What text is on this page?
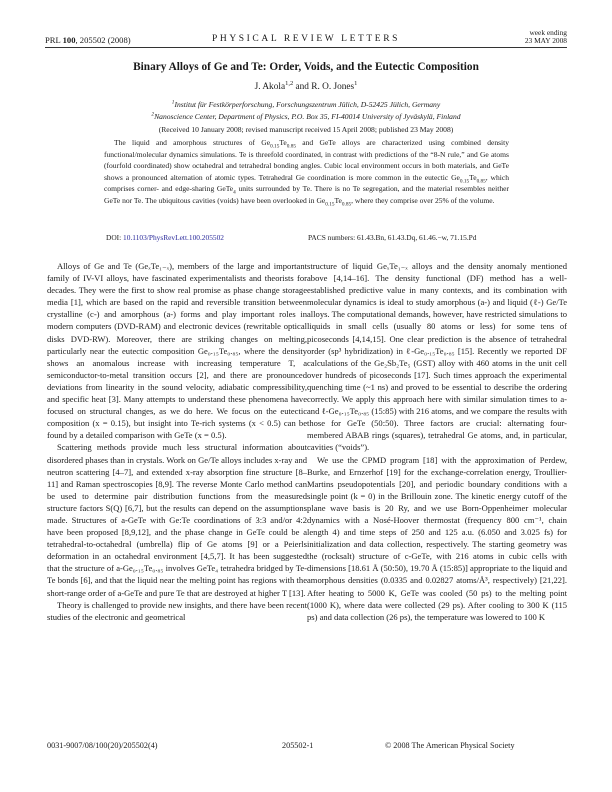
PRL 100, 205502 (2008)	PHYSICAL REVIEW LETTERS
week ending
23 MAY 2008
Binary Alloys of Ge and Te: Order, Voids, and the Eutectic Composition
J. Akola$^{1,2}$ and R. O. Jones$^1$
$^1$Institut für Festkörperforschung, Forschungszentrum Jülich, D-52425 Jülich, Germany
$^2$Nanoscience Center, Department of Physics, P.O. Box 35, FI-40014 University of Jyväskylä, Finland
(Received 10 January 2008; revised manuscript received 15 April 2008; published 23 May 2008)
The liquid and amorphous structures of $Ge_{0.15}Te_{0.85}$ and GeTe alloys are characterized using combined density functional/molecular dynamics simulations. Te is threefold coordinated, in contrast with predictions of the “8-N rule,” and Ge atoms (fourfold coordinated) show octahedral and tetrahedral bonding angles. Cubic local environment occurs in both materials, and GeTe shows a pronounced alternation of atomic types. Tetrahedral Ge coordination is more common in the eutectic $Ge_{0.15}Te_{0.85}$, which comprises corner- and edge-sharing GeTe$_4$ units surrounded by Te. There is no Te segregation, and the material resembles neither GeTe nor Te. The ubiquitous cavities (voids) have been overlooked in $Ge_{0.15}Te_{0.85}$, where they comprise over 25% of the volume.
DOI: 10.1103/PhysRevLett.100.205502	PACS numbers: 61.43.Bn, 61.43.Dq, 61.46.−w, 71.15.Pd

Alloys of Ge and Te (GeₓTe₁₋ₓ), members of the large and important family of IV-VI alloys, have fascinated experimentalists and theorists for decades. They were the first to show real promise as phase change storage media [1], which are based on the rapid and reversible transition between crystalline (c-) and amorphous (a-) forms and play important roles in modern computers (DVD-RAM) and electronic devices (rewritable optical disks DVD-RW). Moreover, there are striking changes on melting, particularly near the eutectic composition Ge₀.₁₅Te₀.₈₅, where the density shows an anomalous increase with increasing temperature T, a semiconductor-to-metal transition occurs [2], and there are pronounced deviations from linearity in the sound velocity, adiabatic compressibility, and specific heat [3]. Many attempts to understand these phenomena have focused on structural changes, as we do here. We focus on the eutectic composition (x = 0.15), but insight into Te-rich systems (x < 0.5) can be found by a detailed comparison with GeTe (x = 0.5).

Scattering methods provide much less structural information about disordered phases than in crystals. Work on Ge/Te alloys includes x-ray and neutron scattering [4–7], and extended x-ray absorption fine structure [8–11] and Raman spectroscopies [8,9]. The reverse Monte Carlo method can be used to determine pair distribution functions from the measured structure factors S(Q) [6,7], but the results can depend on the assumptions made. Structures of a-GeTe with Ge:Te coordinations of 3:3 and/or 4:2 have been proposed [8,9,12], and the phase change in GeTe could be a tetrahedral-to-octahedral (umbrella) flip of Ge atoms [9] or a Peierls deformation in an octahedral environment [4,5,7]. It has been suggested that the structure of a-Ge₀.₁₅Te₀.₈₅ involves GeTe₄ tetrahedra bridged by Te-Te bonds [6], and that the liquid near the melting point has regions with the short-range order of a-GeTe and pure Te that are destroyed at higher T [13].

Theory is challenged to provide new insights, and there have been recent studies of the electronic and geometrical

structure of liquid GeₓTe₁₋ₓ alloys and the density anomaly mentioned above [4,14–16]. The density functional (DF) method has a well-established predictive value in many contexts, and its combination with molecular dynamics is ideal to study amorphous (a-) and liquid (ℓ-) Ge/Te alloys. The computational demands, however, have restricted simulations to liquids in small cells (usually 80 atoms or less) for some tens of picoseconds [4,14,15]. One clear prediction is the absence of tetrahedral order (sp³ hybridization) in ℓ-Ge₀.₁₅Te₀.₈₅ [15]. Recently we reported DF calculations of the Ge₂Sb₂Te₅ (GST) alloy with 460 atoms in the unit cell over hundreds of picoseconds [17]. Such times approach the experimental quenching time (~1 ns) and proved to be essential to describe the ordering correctly. We apply this approach here with similar simulation times to a- and ℓ-Ge₀.₁₅Te₀.₈₅ (15:85) with 216 atoms, and we compare the results with those for GeTe (50:50). Three factors are crucial: alternating four-membered ABAB rings (squares), tetrahedral Ge atoms, and, in particular, cavities (“voids”).

We use the CPMD program [18] with the approximation of Perdew, Burke, and Ernzerhof [19] for the exchange-correlation energy, Troullier-Martins pseudopotentials [20], and periodic boundary conditions with a single point (k = 0) in the Brillouin zone. The kinetic energy cutoff of the plane wave basis is 20 Ry, and we use Born-Oppenheimer molecular dynamics with a Nosé-Hoover thermostat (frequency 800 cm⁻¹, chain length 4) and time steps of 250 and 125 a.u. (6.050 and 3.025 fs) for initialization and data collection, respectively. The starting geometry was the (rocksalt) structure of c-GeTe, with 216 atoms in cubic cells with dimensions [18.61 Å (50:50), 19.70 Å (15:85)] appropriate to the liquid and amorphous densities (0.0335 and 0.02827 atoms/Å³, respectively) [21,22]. After heating to 5000 K, GeTe was cooled (50 ps) to the melting point (1000 K), where data were collected (29 ps). After cooling to 300 K (115 ps) and data collection (26 ps), the temperature was lowered to 100 K

0031-9007/08/100(20)/205502(4)	205502-1	© 2008 The American Physical Society
